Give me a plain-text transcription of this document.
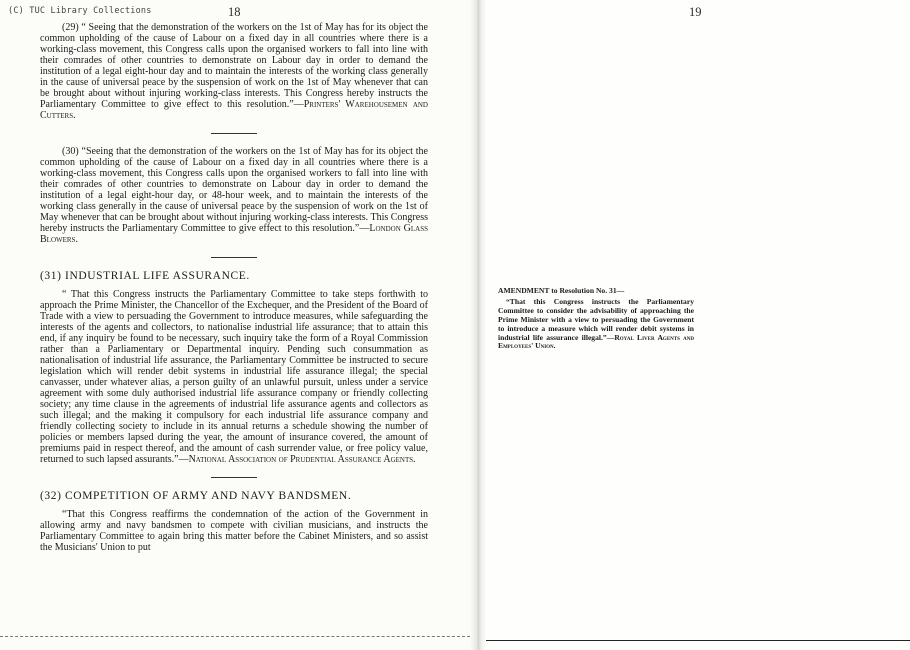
(C) TUC Library Collections	18	19

(29) “ Seeing that the demonstration of the workers on the 1st of May has for its object the common upholding of the cause of Labour on a fixed day in all countries where there is a working-class movement, this Congress calls upon the organised workers to fall into line with their comrades of other countries to demonstrate on Labour day in order to demand the institution of a legal eight-hour day and to maintain the interests of the working class generally in the cause of universal peace by the suspension of work on the 1st of May whenever that can be brought about without injuring working-class interests. This Congress hereby instructs the Parliamentary Committee to give effect to this resolution.”—Printers' Warehousemen and Cutters.

(30) “Seeing that the demonstration of the workers on the 1st of May has for its object the common upholding of the cause of Labour on a fixed day in all countries where there is a working-class movement, this Congress calls upon the organised workers to fall into line with their comrades of other countries to demonstrate on Labour day in order to demand the institution of a legal eight-hour day, or 48-hour week, and to maintain the interests of the working class generally in the cause of universal peace by the suspension of work on the 1st of May whenever that can be brought about without injuring working-class interests. This Congress hereby instructs the Parliamentary Committee to give effect to this resolution.”—London Glass Blowers.

(31) INDUSTRIAL LIFE ASSURANCE.

“ That this Congress instructs the Parliamentary Committee to take steps forthwith to approach the Prime Minister, the Chancellor of the Exchequer, and the President of the Board of Trade with a view to persuading the Government to introduce measures, while safeguarding the interests of the agents and collectors, to nationalise industrial life assurance; that to attain this end, if any inquiry be found to be necessary, such inquiry take the form of a Royal Commission rather than a Parliamentary or Departmental inquiry. Pending such consummation as nationalisation of industrial life assurance, the Parliamentary Committee be instructed to secure legislation which will render debit systems in industrial life assurance illegal; the special canvasser, under whatever alias, a person guilty of an unlawful pursuit, unless under a service agreement with some duly authorised industrial life assurance company or friendly collecting society; any time clause in the agreements of industrial life assurance agents and collectors as such illegal; and the making it compulsory for each industrial life assurance company and friendly collecting society to include in its annual returns a schedule showing the number of policies or members lapsed during the year, the amount of insurance covered, the amount of premiums paid in respect thereof, and the amount of cash surrender value, or free policy value, returned to such lapsed assurants.”—National Association of Prudential Assurance Agents.

(32) COMPETITION OF ARMY AND NAVY BANDSMEN.

“That this Congress reaffirms the condemnation of the action of the Government in allowing army and navy bandsmen to compete with civilian musicians, and instructs the Parliamentary Committee to again bring this matter before the Cabinet Ministers, and so assist the Musicians' Union to put

AMENDMENT to Resolution No. 31—

“That this Congress instructs the Parliamentary Committee to consider the advisability of approaching the Prime Minister with a view to persuading the Government to introduce a measure which will render debit systems in industrial life assurance illegal.”—Royal Liver Agents and Employees' Union.
